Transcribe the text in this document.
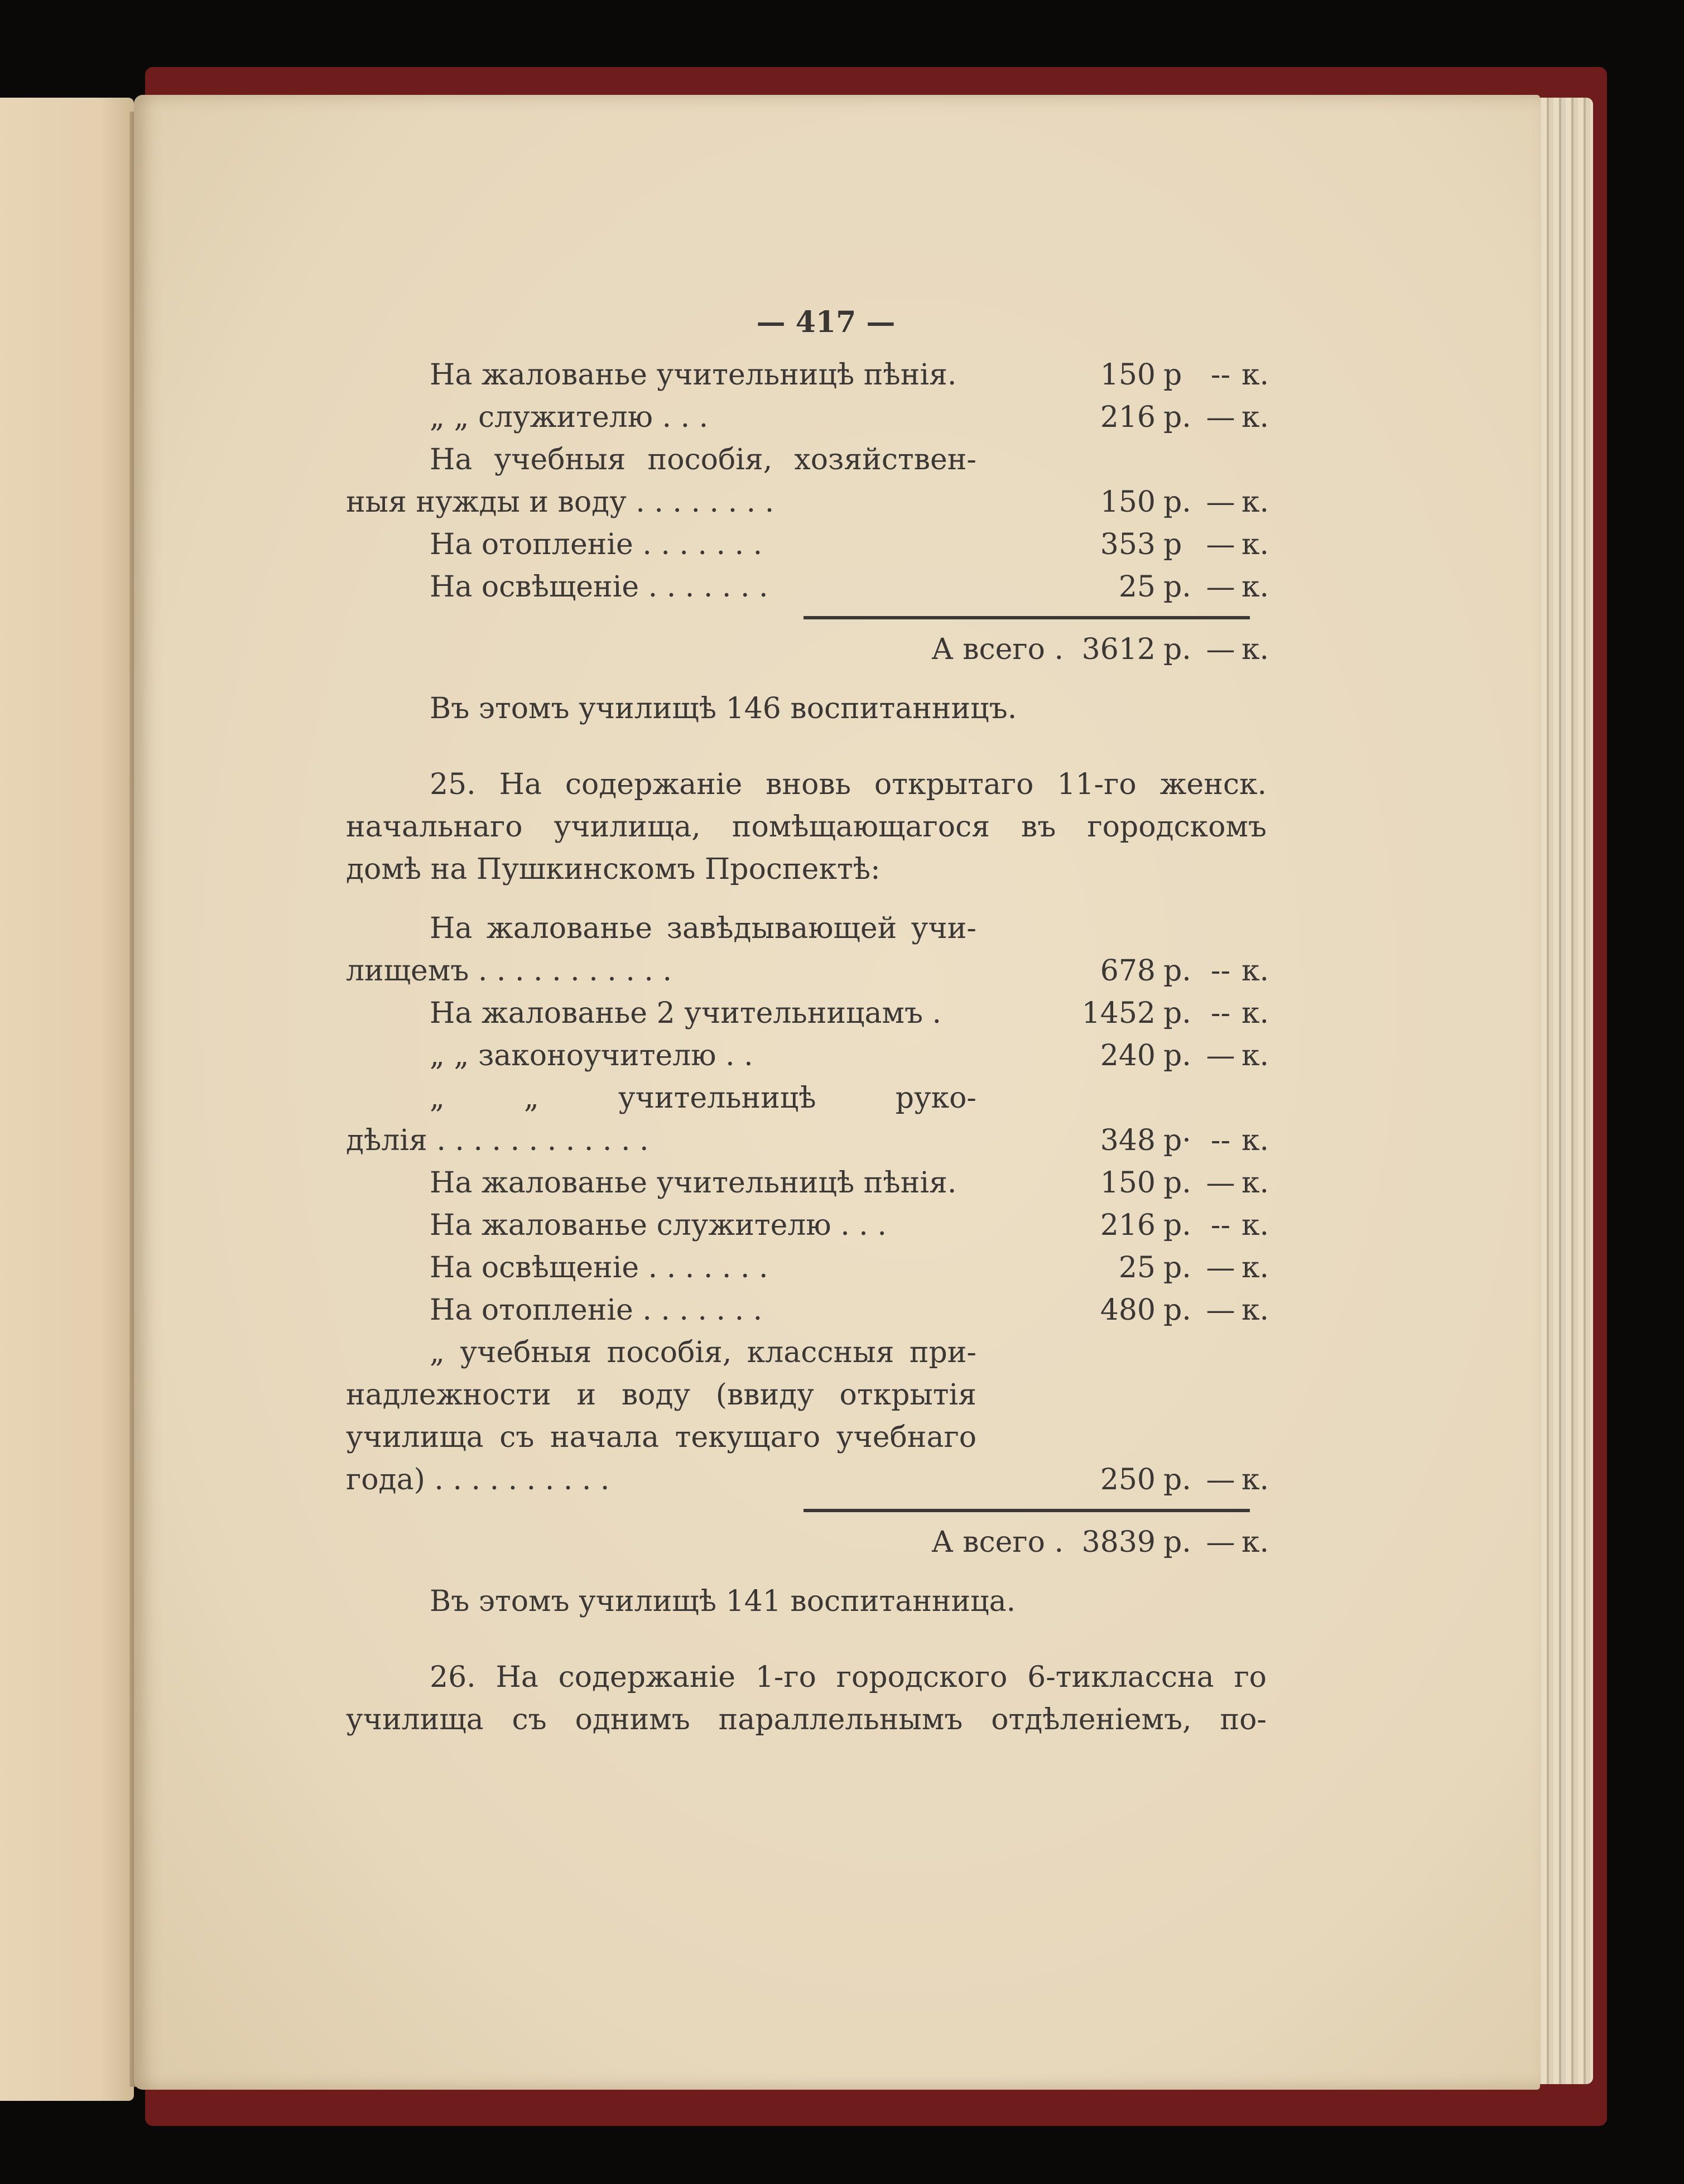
— 417 —
На жалованье учительницѣ пѣнія.	150 р -- к.
„ „ служителю . . .	216 р. — к.
На учебныя пособія, хозяйствен-
ныя нужды и воду . . . . . . . .	150 р. — к.
На отопленіе . . . . . . .	353 р — к.
На освѣщеніе . . . . . . .	25 р. — к.
А всего . 3612 р. — к.
Въ этомъ училищѣ 146 воспитанницъ.
25. На содержаніе вновь открытаго 11-го женск.
начальнаго училища, помѣщающагося въ городскомъ
домѣ на Пушкинскомъ Проспектѣ:
На жалованье завѣдывающей учи-
лищемъ . . . . . . . . . . .	678 р. -- к.
На жалованье 2 учительницамъ .	1452 р. -- к.
„ „ законоучителю . .	240 р. — к.
„ „ учительницѣ руко-
дѣлія . . . . . . . . . . . .	348 р· -- к.
На жалованье учительницѣ пѣнія.	150 р. — к.
На жалованье служителю . . .	216 р. -- к.
На освѣщеніе . . . . . . .	25 р. — к.
На отопленіе . . . . . . .	480 р. — к.
„ учебныя пособія, классныя при-
надлежности и воду (ввиду открытія
училища съ начала текущаго учебнаго
года) . . . . . . . . . .	250 р. — к.
А всего . 3839 р. — к.
Въ этомъ училищѣ 141 воспитанница.
26. На содержаніе 1-го городского 6-тиклассна го
училища съ однимъ параллельнымъ отдѣленіемъ, по-
